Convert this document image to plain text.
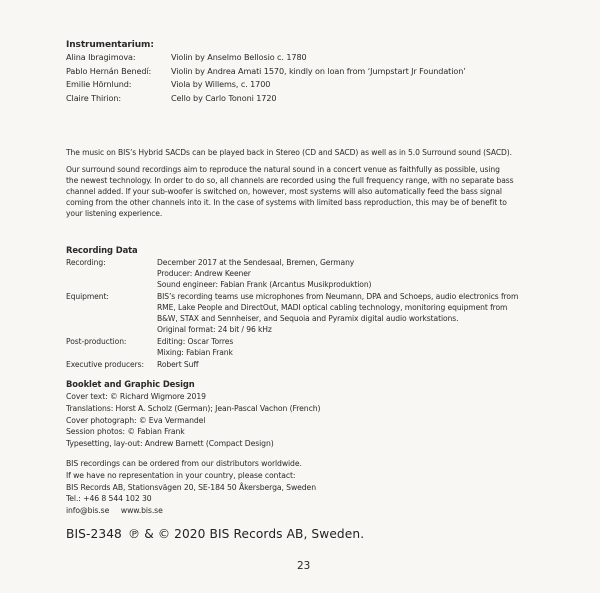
Instrumentarium:
Alina Ibragimova:	Violin by Anselmo Bellosio c. 1780
Pablo Hernán Benedí: Violin by Andrea Amati 1570, kindly on loan from ‘Jumpstart Jr Foundation’
Emilie Hörnlund:	Viola by Willems, c. 1700
Claire Thirion:	Cello by Carlo Tononi 1720
The music on BIS’s Hybrid SACDs can be played back in Stereo (CD and SACD) as well as in 5.0 Surround sound (SACD).
Our surround sound recordings aim to reproduce the natural sound in a concert venue as faithfully as possible, using
the newest technology. In order to do so, all channels are recorded using the full frequency range, with no separate bass
channel added. If your sub-woofer is switched on, however, most systems will also automatically feed the bass signal
coming from the other channels into it. In the case of systems with limited bass reproduction, this may be of benefit to
your listening experience.
Recording Data
Recording:	December 2017 at the Sendesaal, Bremen, Germany
Producer: Andrew Keener
Sound engineer: Fabian Frank (Arcantus Musikproduktion)
Equipment:	BIS’s recording teams use microphones from Neumann, DPA and Schoeps, audio electronics from
RME, Lake People and DirectOut, MADI optical cabling technology, monitoring equipment from
B&W, STAX and Sennheiser, and Sequoia and Pyramix digital audio workstations.
Original format: 24 bit / 96 kHz
Post-production:	Editing: Oscar Torres
Mixing: Fabian Frank
Executive producers: Robert Suff
Booklet and Graphic Design
Cover text: © Richard Wigmore 2019
Translations: Horst A. Scholz (German); Jean-Pascal Vachon (French)
Cover photograph: © Eva Vermandel
Session photos: © Fabian Frank
Typesetting, lay-out: Andrew Barnett (Compact Design)
BIS recordings can be ordered from our distributors worldwide.
If we have no representation in your country, please contact:
BIS Records AB, Stationsvägen 20, SE-184 50 Åkersberga, Sweden
Tel.: +46 8 544 102 30
info@bis.se     www.bis.se
BIS-2348 ℗ & © 2020 BIS Records AB, Sweden.
23
